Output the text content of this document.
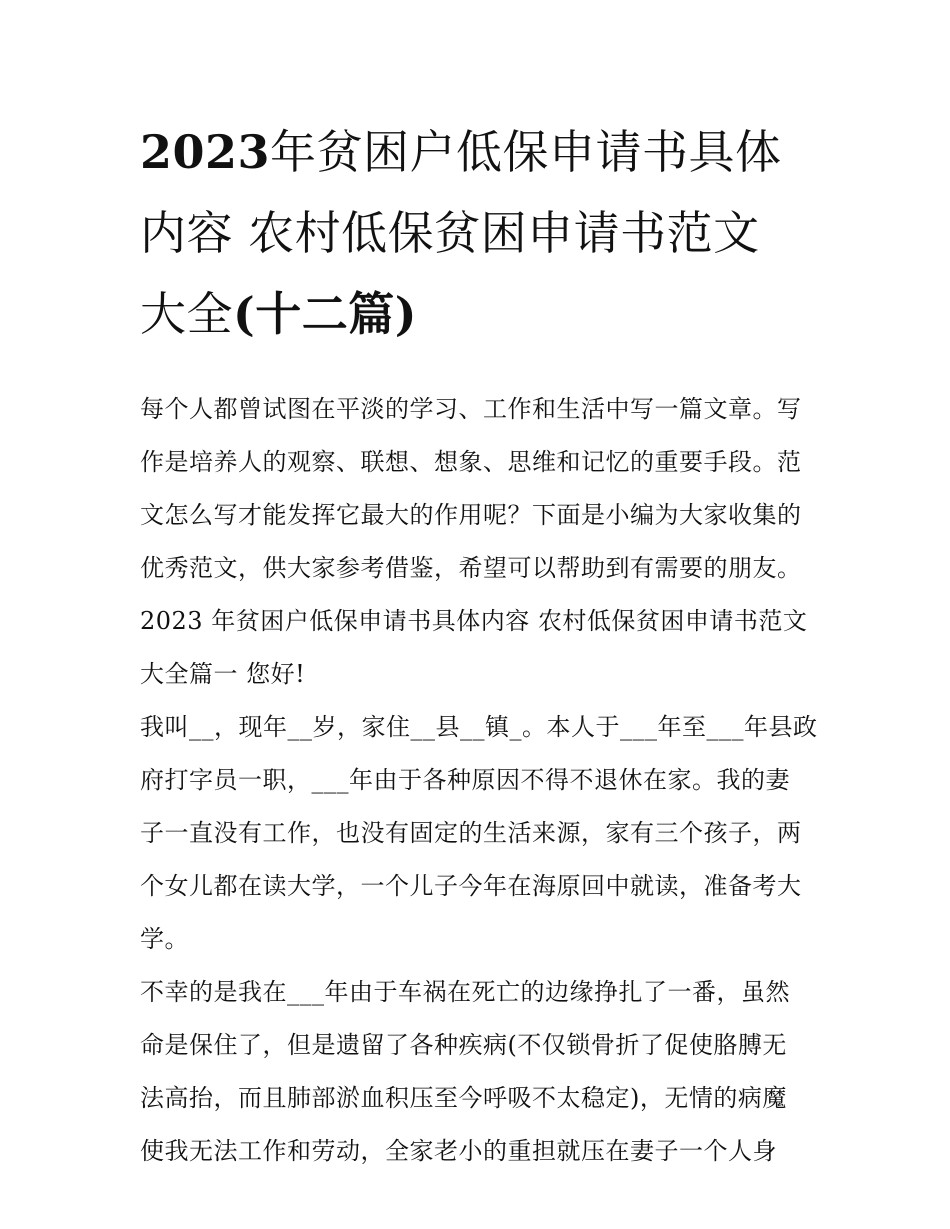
2023年贫困户低保申请书具体
内容 农村低保贫困申请书范文
大全(十二篇)
每个人都曾试图在平淡的学习、工作和生活中写一篇文章。写
作是培养人的观察、联想、想象、思维和记忆的重要手段。范
文怎么写才能发挥它最大的作用呢？下面是小编为大家收集的
优秀范文，供大家参考借鉴，希望可以帮助到有需要的朋友。
2023 年贫困户低保申请书具体内容 农村低保贫困申请书范文
大全篇一 您好!
我叫__，现年__岁，家住__县__镇_。本人于___年至___年县政
府打字员一职，___年由于各种原因不得不退休在家。我的妻
子一直没有工作，也没有固定的生活来源，家有三个孩子，两
个女儿都在读大学，一个儿子今年在海原回中就读，准备考大
学。
不幸的是我在___年由于车祸在死亡的边缘挣扎了一番，虽然
命是保住了，但是遗留了各种疾病(不仅锁骨折了促使胳膊无
法高抬，而且肺部淤血积压至今呼吸不太稳定)，无情的病魔
使我无法工作和劳动，全家老小的重担就压在妻子一个人身
